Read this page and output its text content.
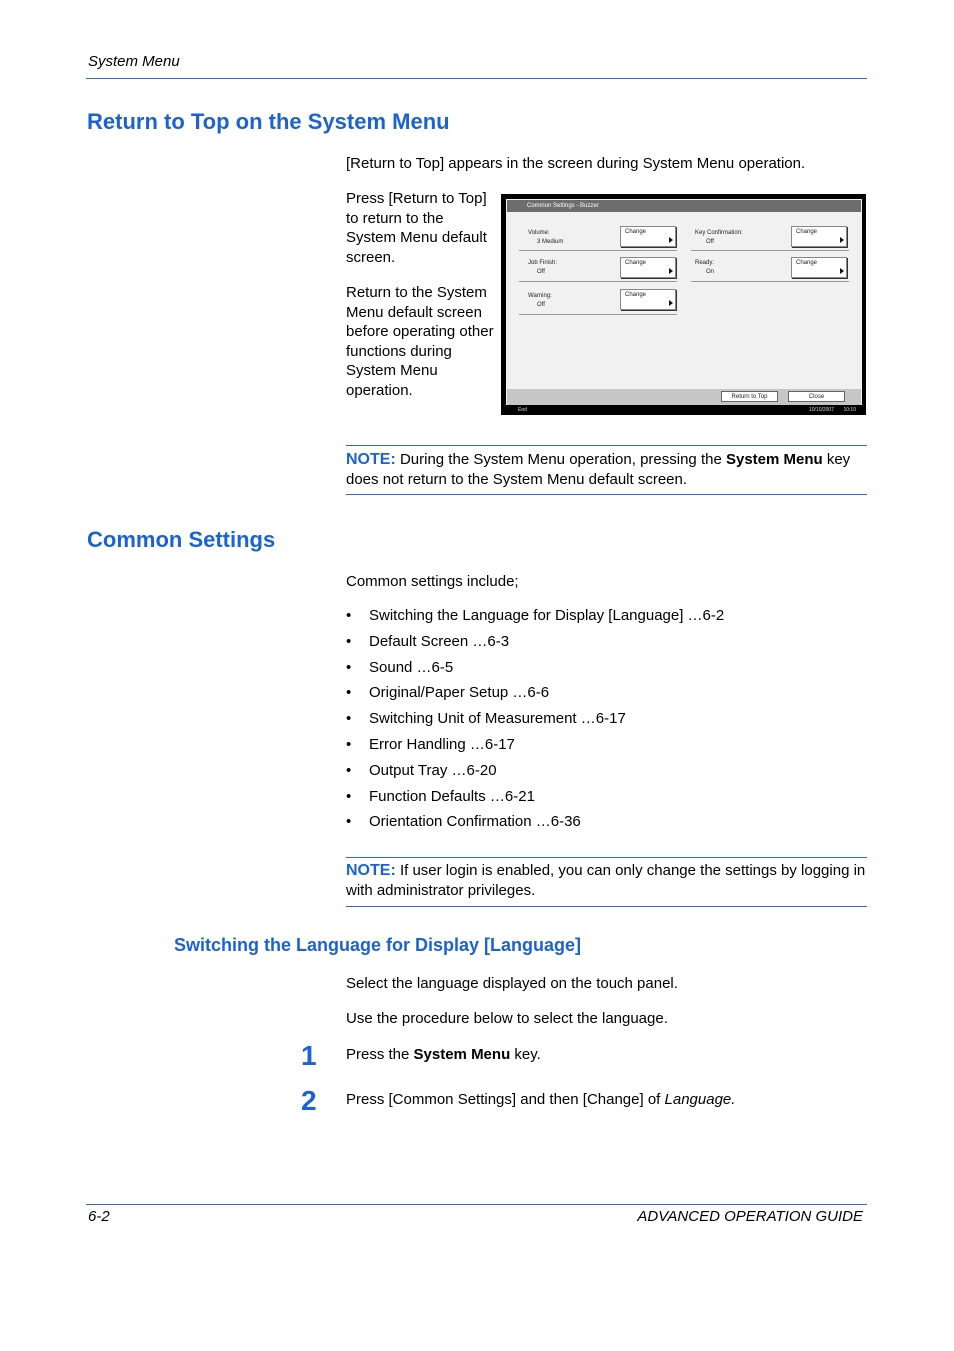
System Menu
Return to Top on the System Menu
[Return to Top] appears in the screen during System Menu operation.
Press [Return to Top] to return to the System Menu default screen.
Return to the System Menu default screen before operating other functions during System Menu operation.
Common Settings - Buzzer
Volume:
3 Medium
Change	Key Confirmation:
Off
Change
Job Finish:
Off
Change	Ready:
On
Change
Warning:
Off
Change
Return to Top	Close
End	10/10/2007 10:10
NOTE: During the System Menu operation, pressing the System Menu key does not return to the System Menu default screen.
Common Settings
Common settings include;
• Switching the Language for Display [Language] …6-2
• Default Screen …6-3
• Sound …6-5
• Original/Paper Setup …6-6
• Switching Unit of Measurement …6-17
• Error Handling …6-17
• Output Tray …6-20
• Function Defaults …6-21
• Orientation Confirmation …6-36
NOTE: If user login is enabled, you can only change the settings by logging in with administrator privileges.
Switching the Language for Display [Language]
Select the language displayed on the touch panel.
Use the procedure below to select the language.
1 Press the System Menu key.
2 Press [Common Settings] and then [Change] of Language.
6-2	ADVANCED OPERATION GUIDE
